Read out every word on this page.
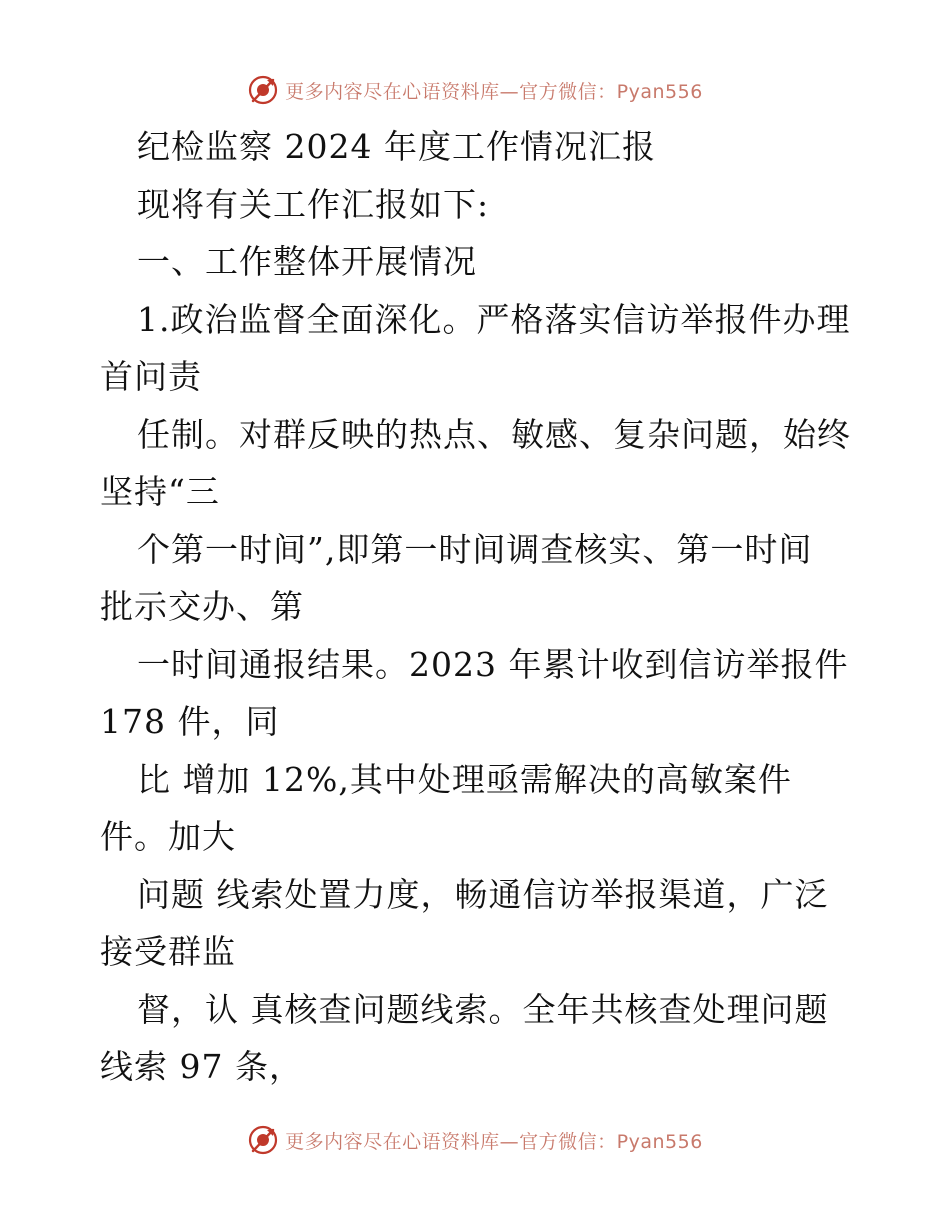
更多内容尽在心语资料库—官方微信：Pyan556
纪检监察 2024 年度工作情况汇报
现将有关工作汇报如下:
一、工作整体开展情况
1.政治监督全面深化。严格落实信访举报件办理
首问责
任制。对群反映的热点、敏感、复杂问题，始终
坚持“三
个第一时间”,即第一时间调查核实、第一时间
批示交办、第
一时间通报结果。2023 年累计收到信访举报件
178 件，同
比 增加 12%,其中处理亟需解决的高敏案件
件。加大
问题 线索处置力度，畅通信访举报渠道，广泛
接受群监
督，认 真核查问题线索。全年共核查处理问题
线索 97 条，
更多内容尽在心语资料库—官方微信：Pyan556
